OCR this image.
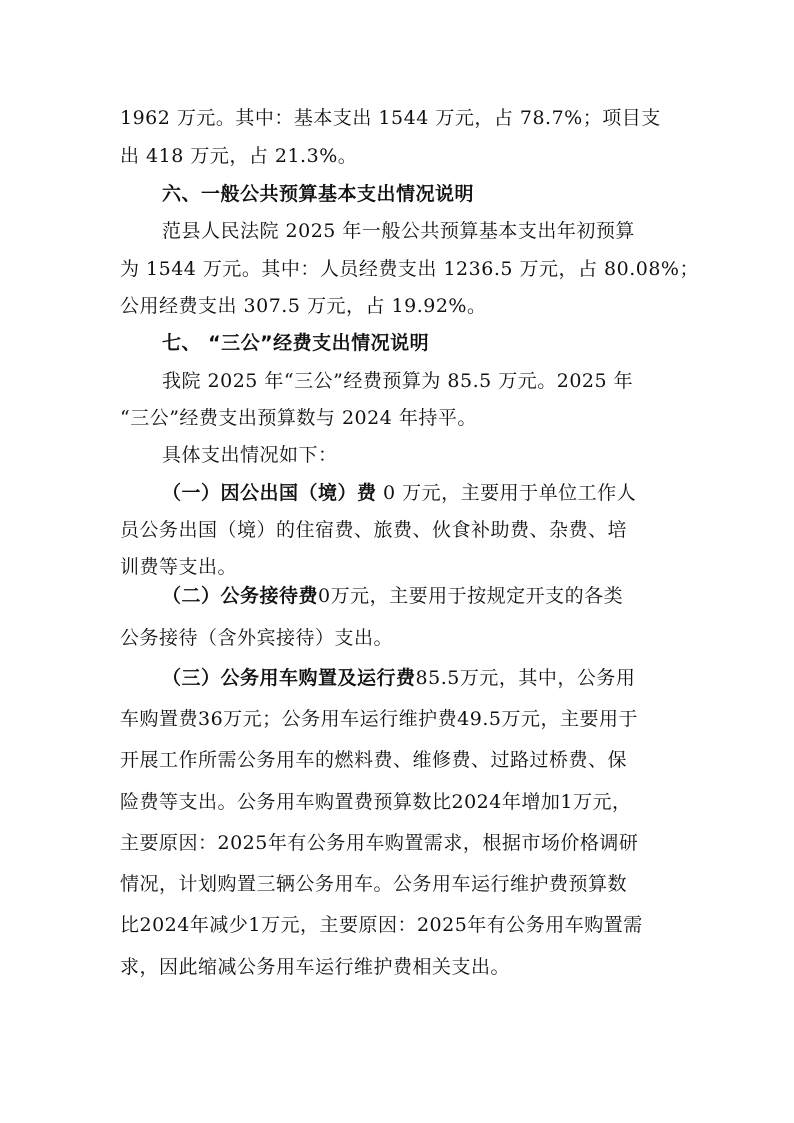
1962 万元。其中：基本支出 1544 万元，占 78.7%；项目支
出 418 万元，占 21.3%。
六、一般公共预算基本支出情况说明
范县人民法院 2025 年一般公共预算基本支出年初预算
为 1544 万元。其中：人员经费支出 1236.5 万元，占 80.08%；
公用经费支出 307.5 万元，占 19.92%。
七、 “三公”经费支出情况说明
我院 2025 年“三公”经费预算为 85.5 万元。2025 年
“三公”经费支出预算数与 2024 年持平。
具体支出情况如下：
（一）因公出国（境）费 0 万元，主要用于单位工作人
员公务出国（境）的住宿费、旅费、伙食补助费、杂费、培
训费等支出。
（二）公务接待费0万元，主要用于按规定开支的各类
公务接待（含外宾接待）支出。
（三）公务用车购置及运行费85.5万元，其中，公务用
车购置费36万元；公务用车运行维护费49.5万元，主要用于
开展工作所需公务用车的燃料费、维修费、过路过桥费、保
险费等支出。公务用车购置费预算数比2024年增加1万元，
主要原因：2025年有公务用车购置需求，根据市场价格调研
情况，计划购置三辆公务用车。公务用车运行维护费预算数
比2024年减少1万元，主要原因：2025年有公务用车购置需
求，因此缩减公务用车运行维护费相关支出。
